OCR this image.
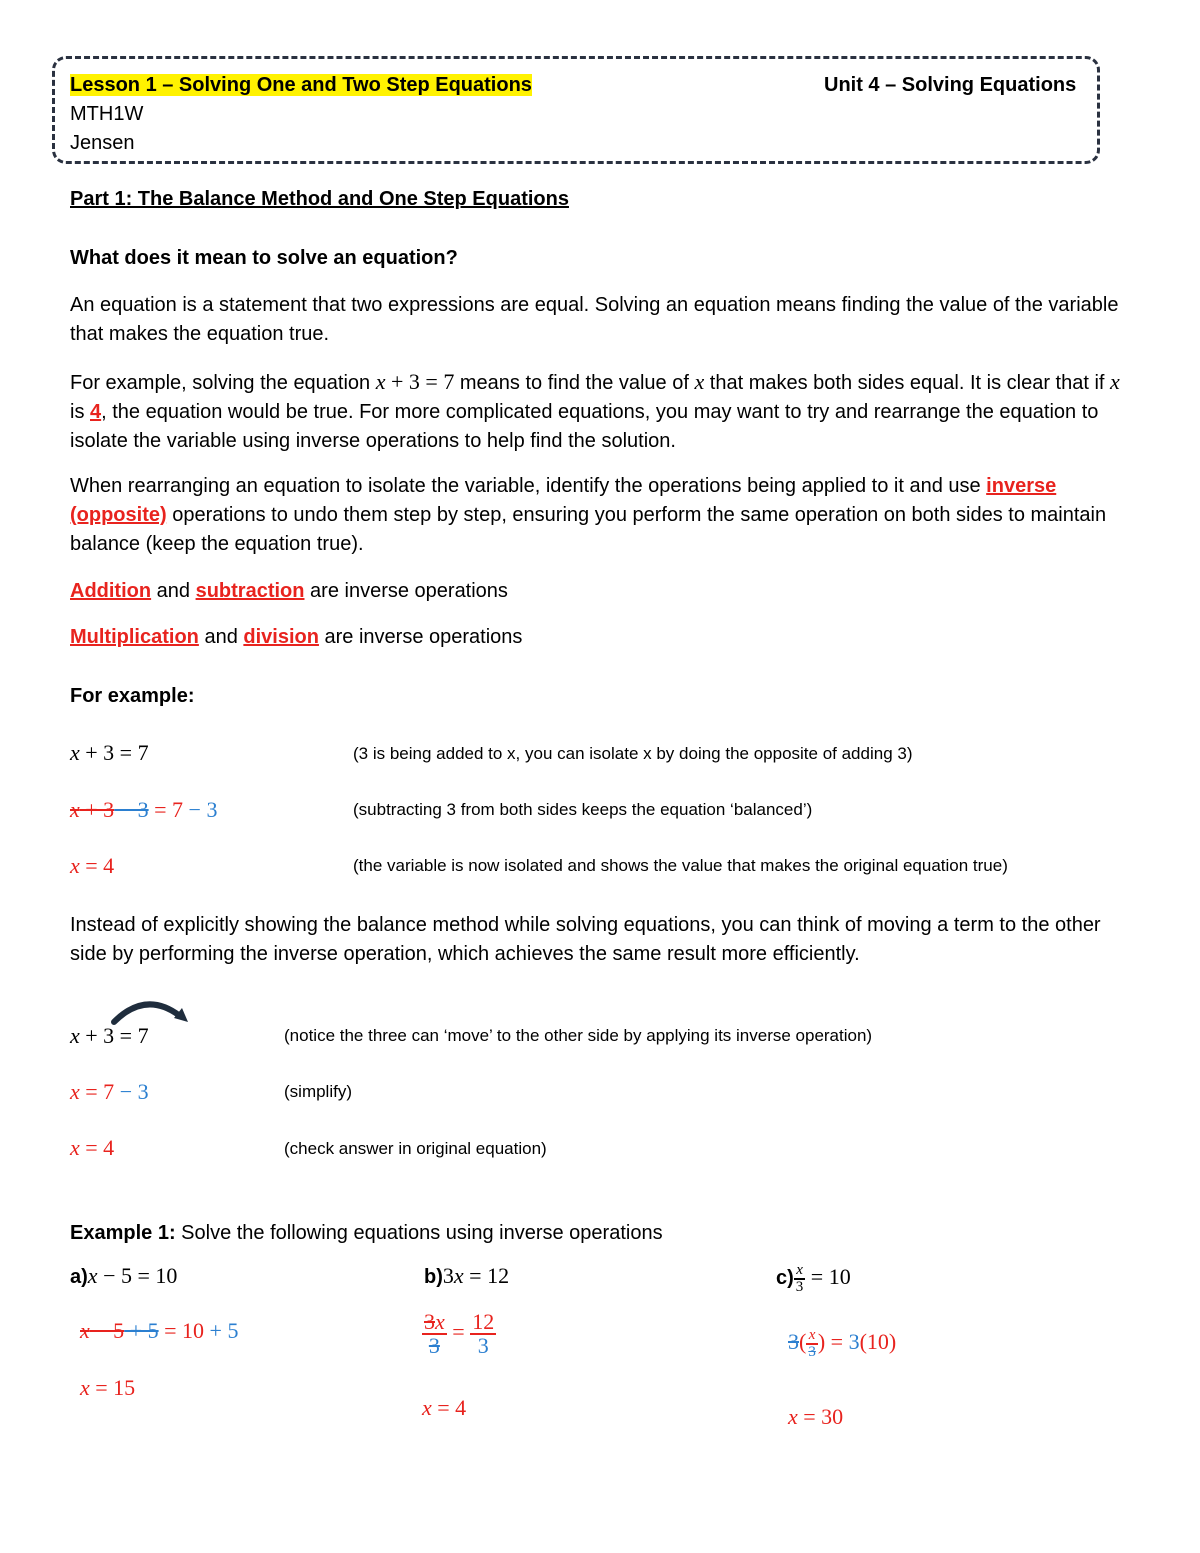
Lesson 1 – Solving One and Two Step Equations	Unit 4 – Solving Equations
MTH1W
Jensen
Part 1: The Balance Method and One Step Equations
What does it mean to solve an equation?
An equation is a statement that two expressions are equal. Solving an equation means finding the value of the variable that makes the equation true.
For example, solving the equation x + 3 = 7 means to find the value of x that makes both sides equal. It is clear that if x is 4, the equation would be true. For more complicated equations, you may want to try and rearrange the equation to isolate the variable using inverse operations to help find the solution.
When rearranging an equation to isolate the variable, identify the operations being applied to it and use inverse (opposite) operations to undo them step by step, ensuring you perform the same operation on both sides to maintain balance (keep the equation true).
Addition and subtraction are inverse operations
Multiplication and division are inverse operations
For example:
x + 3 = 7	(3 is being added to x, you can isolate x by doing the opposite of adding 3)
x + 3 − 3 = 7 − 3	(subtracting 3 from both sides keeps the equation ‘balanced’)
x = 4	(the variable is now isolated and shows the value that makes the original equation true)
Instead of explicitly showing the balance method while solving equations, you can think of moving a term to the other side by performing the inverse operation, which achieves the same result more efficiently.
x + 3 = 7	(notice the three can ‘move’ to the other side by applying its inverse operation)
x = 7 − 3	(simplify)
x = 4	(check answer in original equation)
Example 1: Solve the following equations using inverse operations
a)x − 5 = 10
x − 5 + 5 = 10 + 5
x = 15
b)3x = 12
$\frac{3x}{3} = \frac{12}{3}$
x = 4
$c) \frac{x}{3} = 10$
$3( \frac{x}{3}$ ) = 3(10)
x = 30
